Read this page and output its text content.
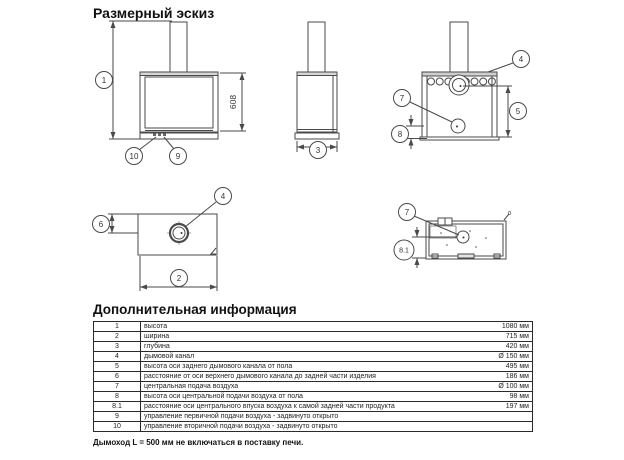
Размерный эскиз
1
608
10	9
3
4
5
7
8
4
6
2
7
8.1
Дополнительная информация
1	высота 1080 мм

2	ширина 715 мм

3	глубина 420 мм

4	дымовой канал Ø 150 мм

5	высота оси заднего дымового канала от пола 495 мм

6	расстояние от оси верхнего дымового канала до задней части изделия 186 мм

7	центральная подача воздуха Ø 100 мм

8	высота оси центральной подачи воздуха от пола 98 мм

8.1	расстояние оси центрального впуска воздуха к самой задней части продукта 197 мм

9	управление первичной подачи воздуха - задвинуто открыто

10	управление вторичной подачи воздуха - задвинуто открыто

Дымоход L = 500 мм не включаться в поставку печи.
